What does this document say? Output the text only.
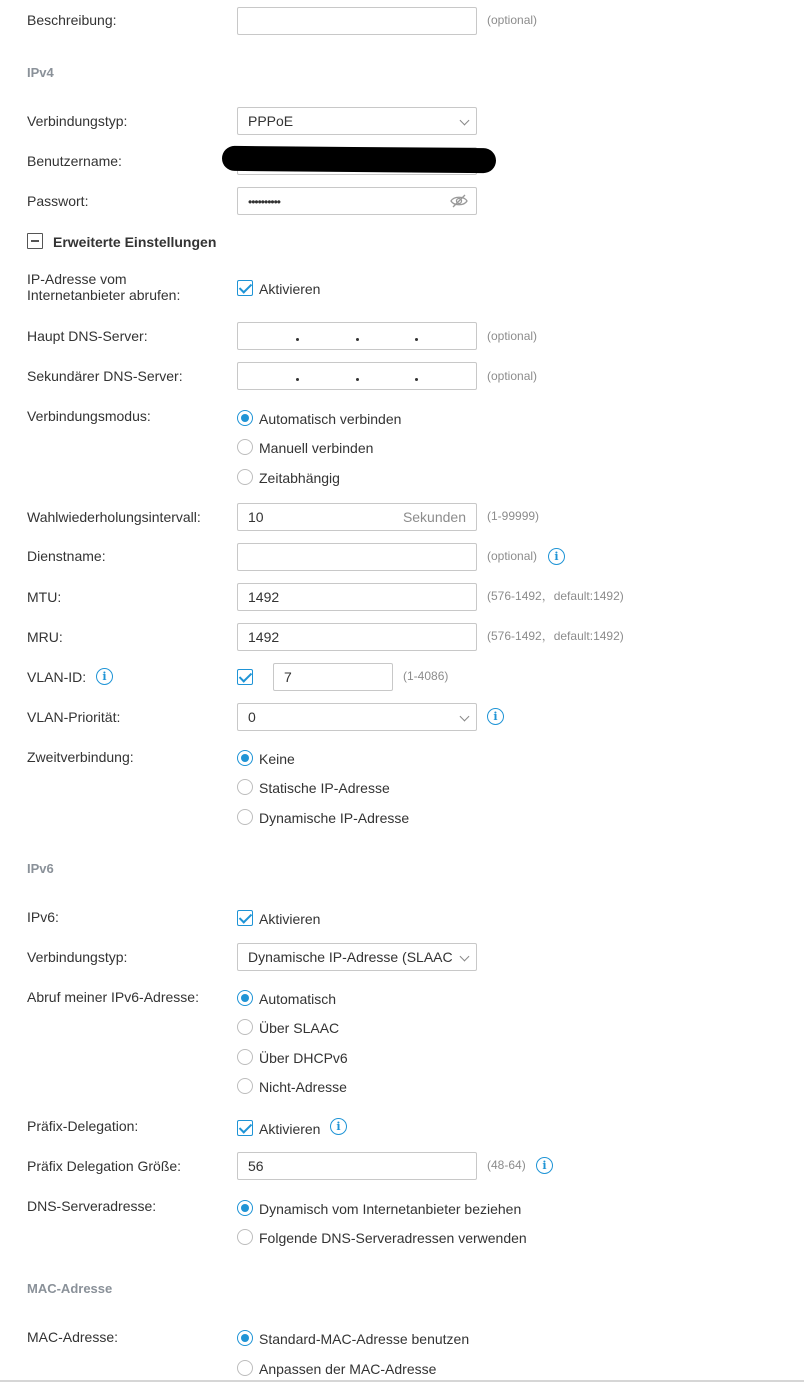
Beschreibung:	(optional)
IPv4
Verbindungstyp:	PPPoE
Benutzername:
Passwort:	••••••••••
Erweiterte Einstellungen
IP-Adresse vom
Internetanbieter abrufen:	Aktivieren
Haupt DNS-Server:	(optional)
Sekundärer DNS-Server:	(optional)
Verbindungsmodus:	Automatisch verbinden
Manuell verbinden
Zeitabhängig
Wahlwiederholungsintervall:	10	Sekunden (1-99999)
Dienstname:	(optional)	i
MTU:	1492	(576-1492，default:1492)
MRU:	1492	(576-1492，default:1492)
VLAN-ID:	i	7	(1-4086)
VLAN-Priorität:	0	i
Zweitverbindung:	Keine
Statische IP-Adresse
Dynamische IP-Adresse
IPv6
IPv6:	Aktivieren
Verbindungstyp:	Dynamische IP-Adresse (SLAAC
Abruf meiner IPv6-Adresse:	Automatisch
Über SLAAC
Über DHCPv6
Nicht-Adresse
Präfix-Delegation:	Aktivieren	i
Präfix Delegation Größe:	56	(48-64)	i
DNS-Serveradresse:	Dynamisch vom Internetanbieter beziehen
Folgende DNS-Serveradressen verwenden
MAC-Adresse
MAC-Adresse:	Standard-MAC-Adresse benutzen
Anpassen der MAC-Adresse
